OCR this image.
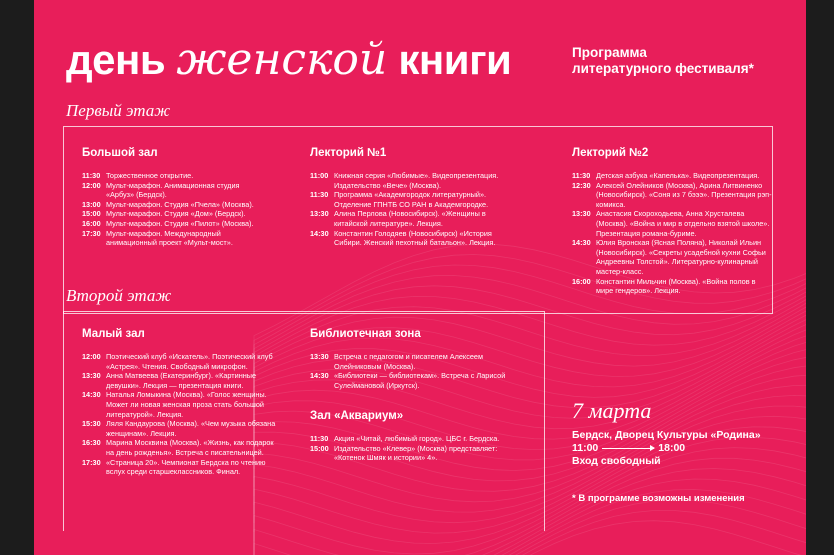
день женской книги	Программа
литературного фестиваля*
Первый этаж
Большой зал
11:30 Торжественное открытие.
12:00 Мульт-марафон. Анимационная студия «Арбуз» (Бердск).
13:00 Мульт-марафон. Студия «Пчела» (Москва).
15:00 Мульт-марафон. Студия «Дом» (Бердск).
16:00 Мульт-марафон. Студия «Пилот» (Москва).
17:30 Мульт-марафон. Международный анимационный проект «Мульт-мост».
Лекторий №1
11:00 Книжная серия «Любимые». Видеопрезентация. Издательство «Вече» (Москва).
11:30 Программа «Академгородок литературный». Отделение ГПНТБ СО РАН в Академгородке.
13:30 Алина Перлова (Новосибирск). «Женщины в китайской литературе». Лекция.
14:30 Константин Голодяев (Новосибирск) «История Сибири. Женский пехотный батальон». Лекция.
Лекторий №2
11:30 Детская азбука «Капелька». Видеопрезентация.
12:30 Алексей Олейников (Москва), Арина Литвиненко (Новосибирск). «Соня из 7 бэээ». Презентация рэп-комикса.
13:30 Анастасия Скороходьева, Анна Хрусталева (Москва). «Война и мир в отдельно взятой школе». Презентация романа-буриме.
14:30 Юлия Вронская (Ясная Поляна), Николай Ильин (Новосибирск). «Секреты усадебной кухни Софьи Андреевны Толстой». Литературно-кулинарный мастер-класс.
16:00 Константин Мильчин (Москва). «Война полов в мире гендеров». Лекция.
Второй этаж
Малый зал
12:00 Поэтический клуб «Искатель». Поэтический клуб «Астрея». Чтения. Свободный микрофон.
13:30 Анна Матвеева (Екатеринбург). «Картинные девушки». Лекция — презентация книги.
14:30 Наталья Ломыкина (Москва). «Голос женщины. Может ли новая женская проза стать большой литературой». Лекция.
15:30 Ляля Кандаурова (Москва). «Чем музыка обязана женщинам». Лекция.
16:30 Марина Москвина (Москва). «Жизнь, как подарок на день рожденья». Встреча с писательницей.
17:30 «Страница 20». Чемпионат Бердска по чтению вслух среди старшеклассников. Финал.
Библиотечная зона
13:30 Встреча с педагогом и писателем Алексеем Олейниковым (Москва).
14:30 «Библиотеки — библиотекам». Встреча с Ларисой Сулеймановой (Иркутск).
Зал «Аквариум»
11:30 Акция «Читай, любимый город». ЦБС г. Бердска.
15:00 Издательство «Клевер» (Москва) представляет: «Котенок Шмяк и истории» 4».
7 марта
Бердск, Дворец Культуры «Родина»
11:00	18:00
Вход свободный
* В программе возможны изменения
